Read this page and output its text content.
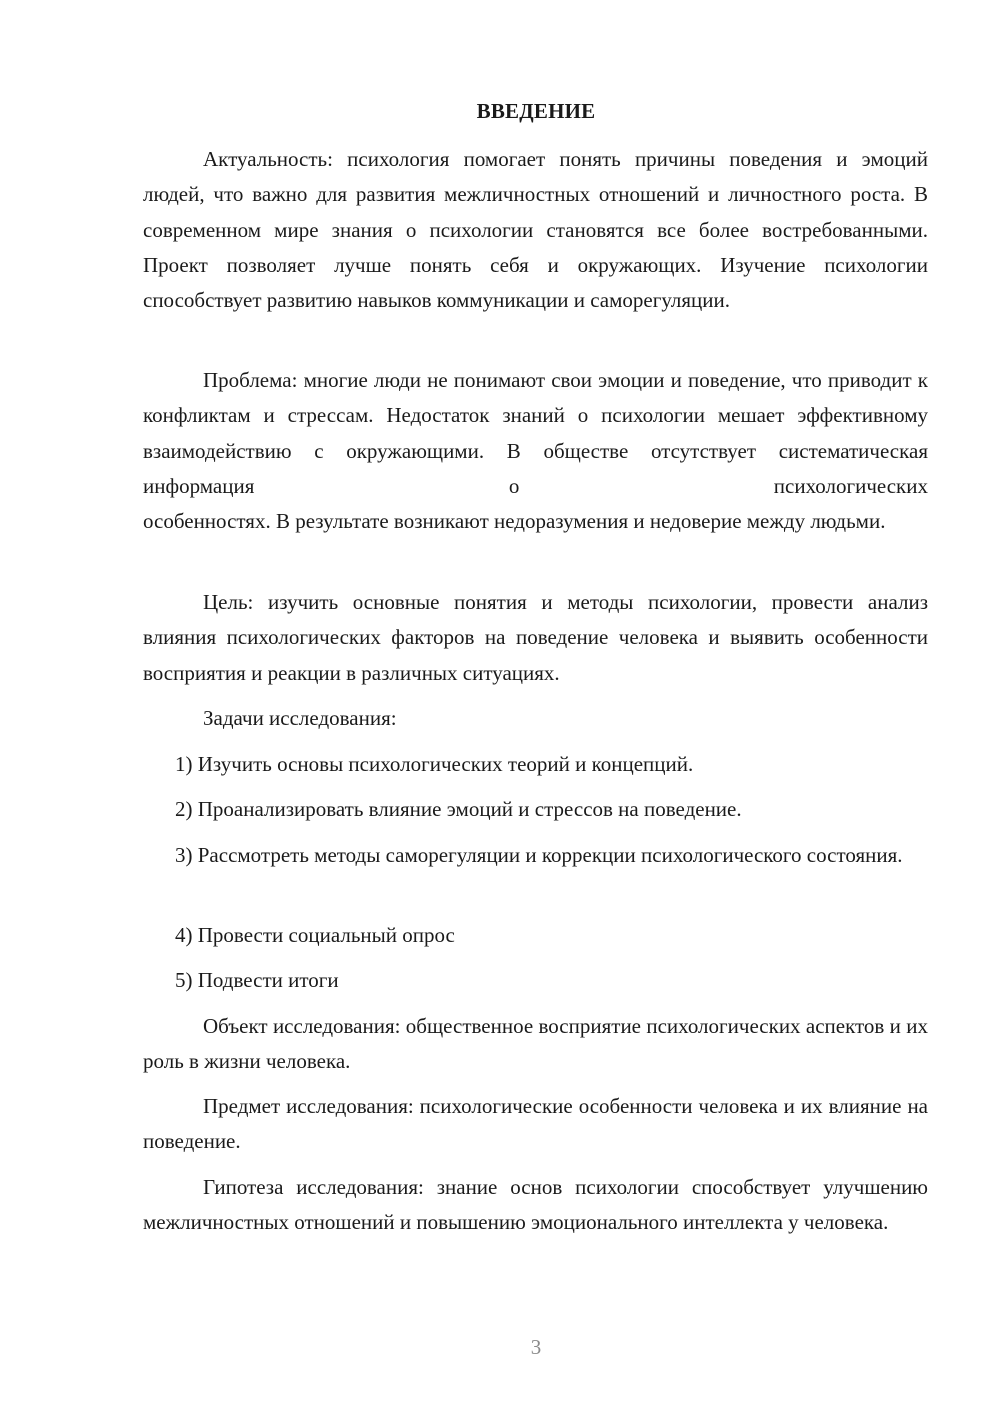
ВВЕДЕНИЕ

Актуальность: психология помогает понять причины поведения и эмоций людей, что важно для развития межличностных отношений и личностного роста. В современном мире знания о психологии становятся все более востребованными. Проект позволяет лучше понять себя и окружающих. Изучение психологии способствует развитию навыков коммуникации и саморегуляции.

Проблема: многие люди не понимают свои эмоции и поведение, что приводит к конфликтам и стрессам. Недостаток знаний о психологии мешает эффективному взаимодействию с окружающими. В обществе отсутствует систематическая информация о психологических

особенностях. В результате возникают недоразумения и недоверие между людьми.

Цель: изучить основные понятия и методы психологии, провести анализ влияния психологических факторов на поведение человека и выявить особенности восприятия и реакции в различных ситуациях.

Задачи исследования:

1) Изучить основы психологических теорий и концепций.

2) Проанализировать влияние эмоций и стрессов на поведение.

3) Рассмотреть методы саморегуляции и коррекции психологического состояния.

4) Провести социальный опрос

5) Подвести итоги

Объект исследования: общественное восприятие психологических аспектов и их роль в жизни человека.

Предмет исследования: психологические особенности человека и их влияние на поведение.

Гипотеза исследования: знание основ психологии способствует улучшению межличностных отношений и повышению эмоционального интеллекта у человека.

3
